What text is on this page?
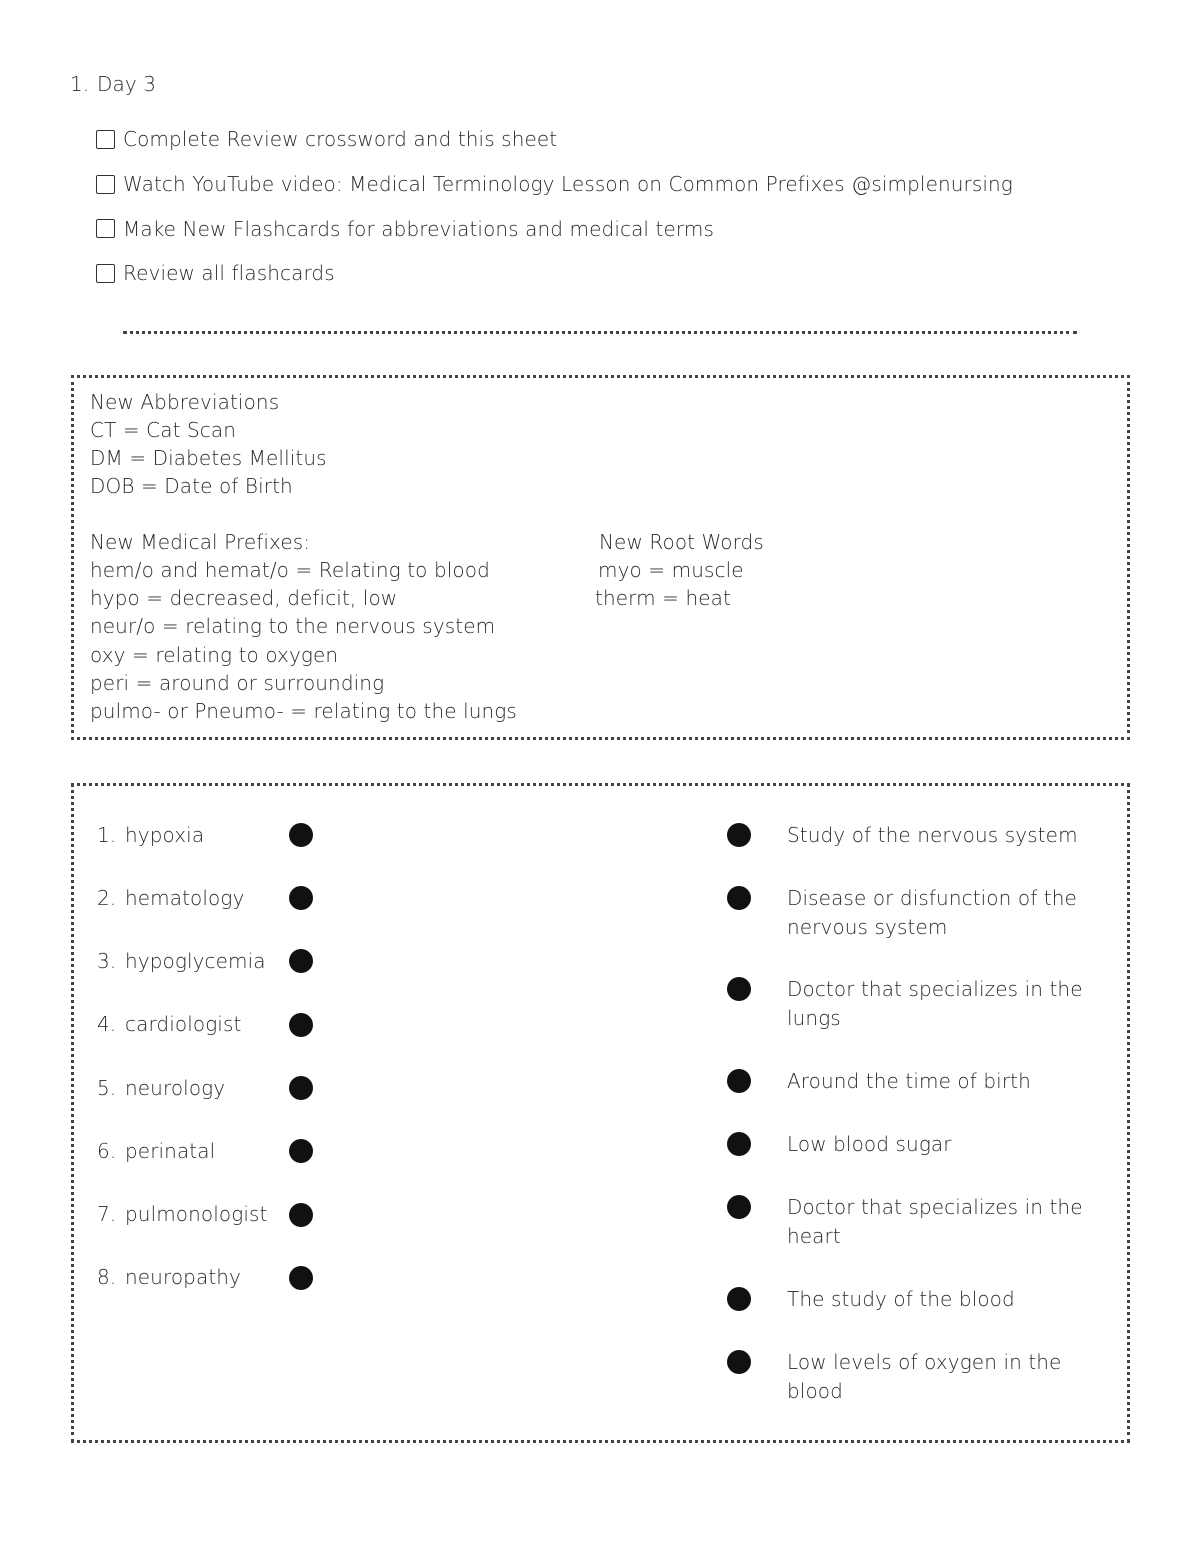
1. Day 3
Complete Review crossword and this sheet
Watch YouTube video: Medical Terminology Lesson on Common Prefixes @simplenursing
Make New Flashcards for abbreviations and medical terms
Review all flashcards
New Abbreviations
CT = Cat Scan
DM = Diabetes Mellitus
DOB = Date of Birth
New Medical Prefixes:
hem/o and hemat/o = Relating to blood
hypo = decreased, deficit, low
neur/o = relating to the nervous system
oxy = relating to oxygen
peri = around or surrounding
pulmo- or Pneumo- = relating to the lungs
New Root Words
myo = muscle
therm = heat
1. hypoxia
2. hematology
3. hypoglycemia
4. cardiologist
5. neurology
6. perinatal
7. pulmonologist
8. neuropathy
Study of the nervous system
Disease or disfunction of the nervous system
Doctor that specializes in the lungs
Around the time of birth
Low blood sugar
Doctor that specializes in the heart
The study of the blood
Low levels of oxygen in the blood
